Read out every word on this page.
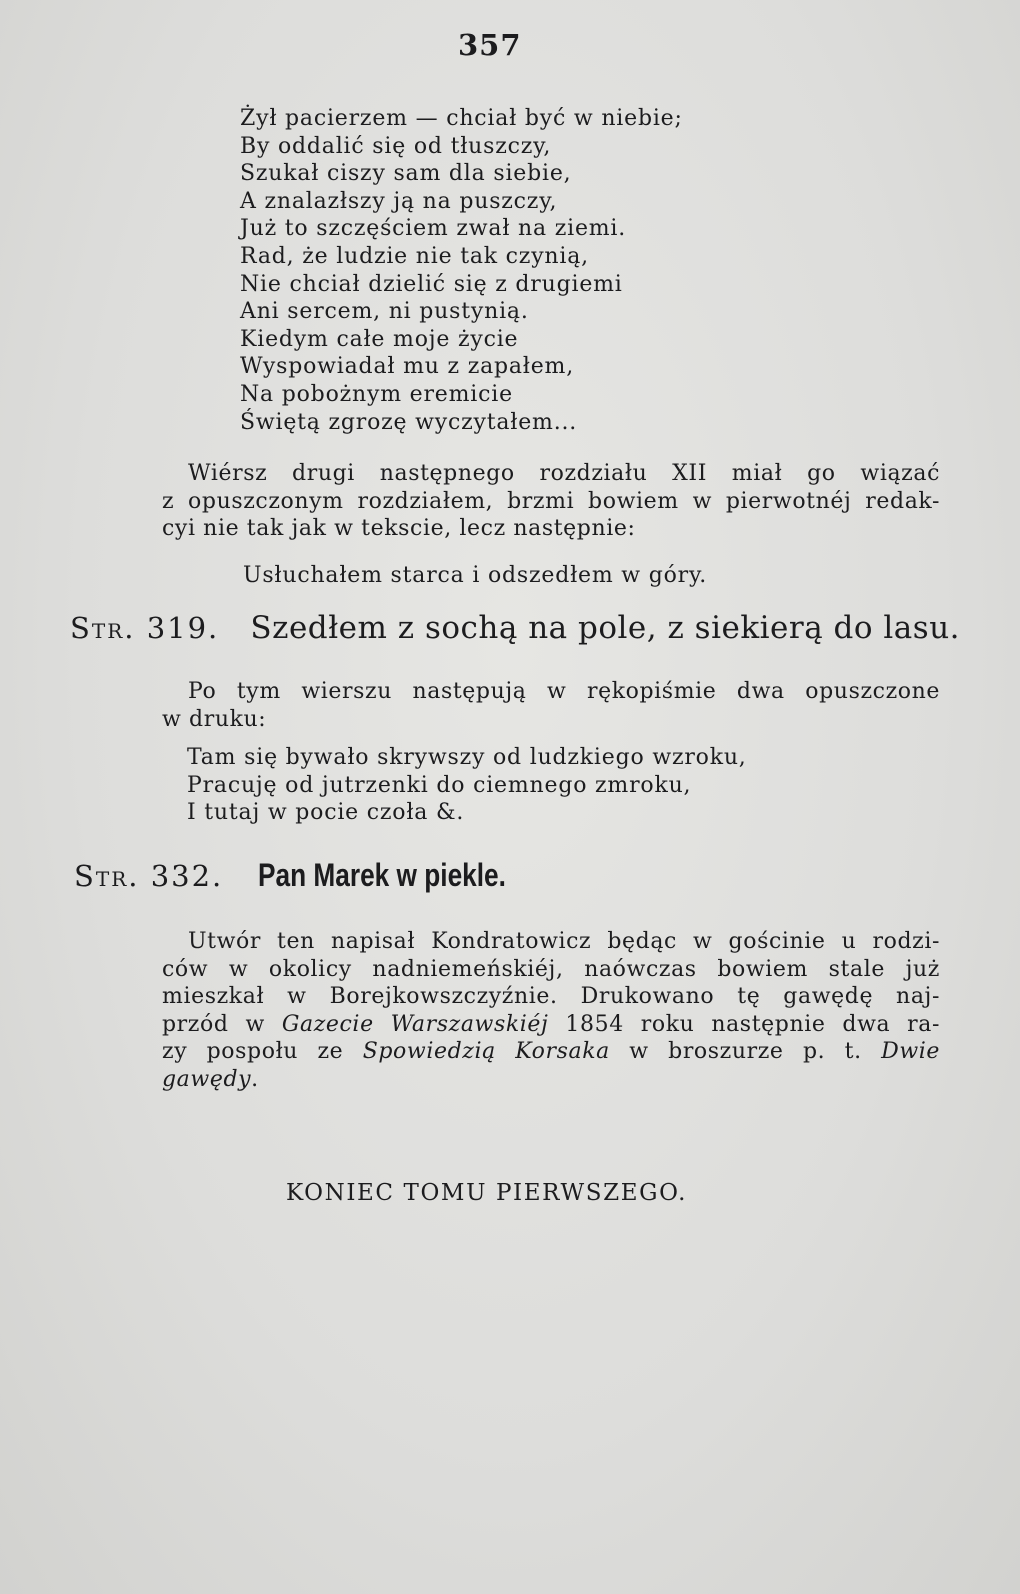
357
Żył pacierzem — chciał być w niebie;
By oddalić się od tłuszczy,
Szukał ciszy sam dla siebie,
A znalazłszy ją na puszczy,
Już to szczęściem zwał na ziemi.
Rad, że ludzie nie tak czynią,
Nie chciał dzielić się z drugiemi
Ani sercem, ni pustynią.
Kiedym całe moje życie
Wyspowiadał mu z zapałem,
Na pobożnym eremicie
Świętą zgrozę wyczytałem...
Wiérsz drugi następnego rozdziału XII miał go wiązać
z opuszczonym rozdziałem, brzmi bowiem w pierwotnéj redak-
cyi nie tak jak w tekscie, lecz następnie:
Usłuchałem starca i odszedłem w góry.
Str. 319. Szedłem z sochą na pole, z siekierą do lasu.
Po tym wierszu następują w rękopiśmie dwa opuszczone
w druku:
Tam się bywało skrywszy od ludzkiego wzroku,
Pracuję od jutrzenki do ciemnego zmroku,
I tutaj w pocie czoła &.
Str. 332. Pan Marek w piekle.
Utwór ten napisał Kondratowicz będąc w gościnie u rodzi-
ców w okolicy nadniemeńskiéj, naówczas bowiem stale już
mieszkał w Borejkowszczyźnie. Drukowano tę gawędę naj-
przód w Gazecie Warszawskiéj 1854 roku następnie dwa ra-
zy pospołu ze Spowiedzią Korsaka w broszurze p. t. Dwie
gawędy.
KONIEC TOMU PIERWSZEGO.
